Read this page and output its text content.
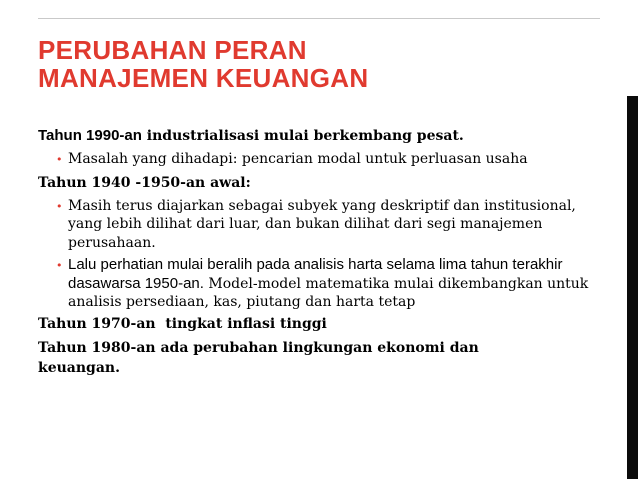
PERUBAHAN PERAN
MANAJEMEN KEUANGAN
Tahun 1990-an industrialisasi mulai berkembang pesat.
• Masalah yang dihadapi: pencarian modal untuk perluasan usaha
Tahun 1940 -1950-an awal:
• Masih terus diajarkan sebagai subyek yang deskriptif dan institusional, yang lebih dilihat dari luar, dan bukan dilihat dari segi manajemen perusahaan.
• Lalu perhatian mulai beralih pada analisis harta selama lima tahun terakhir dasawarsa 1950-an. Model-model matematika mulai dikembangkan untuk analisis persediaan, kas, piutang dan harta tetap
Tahun 1970-an  tingkat inflasi tinggi
Tahun 1980-an ada perubahan lingkungan ekonomi dan keuangan.
